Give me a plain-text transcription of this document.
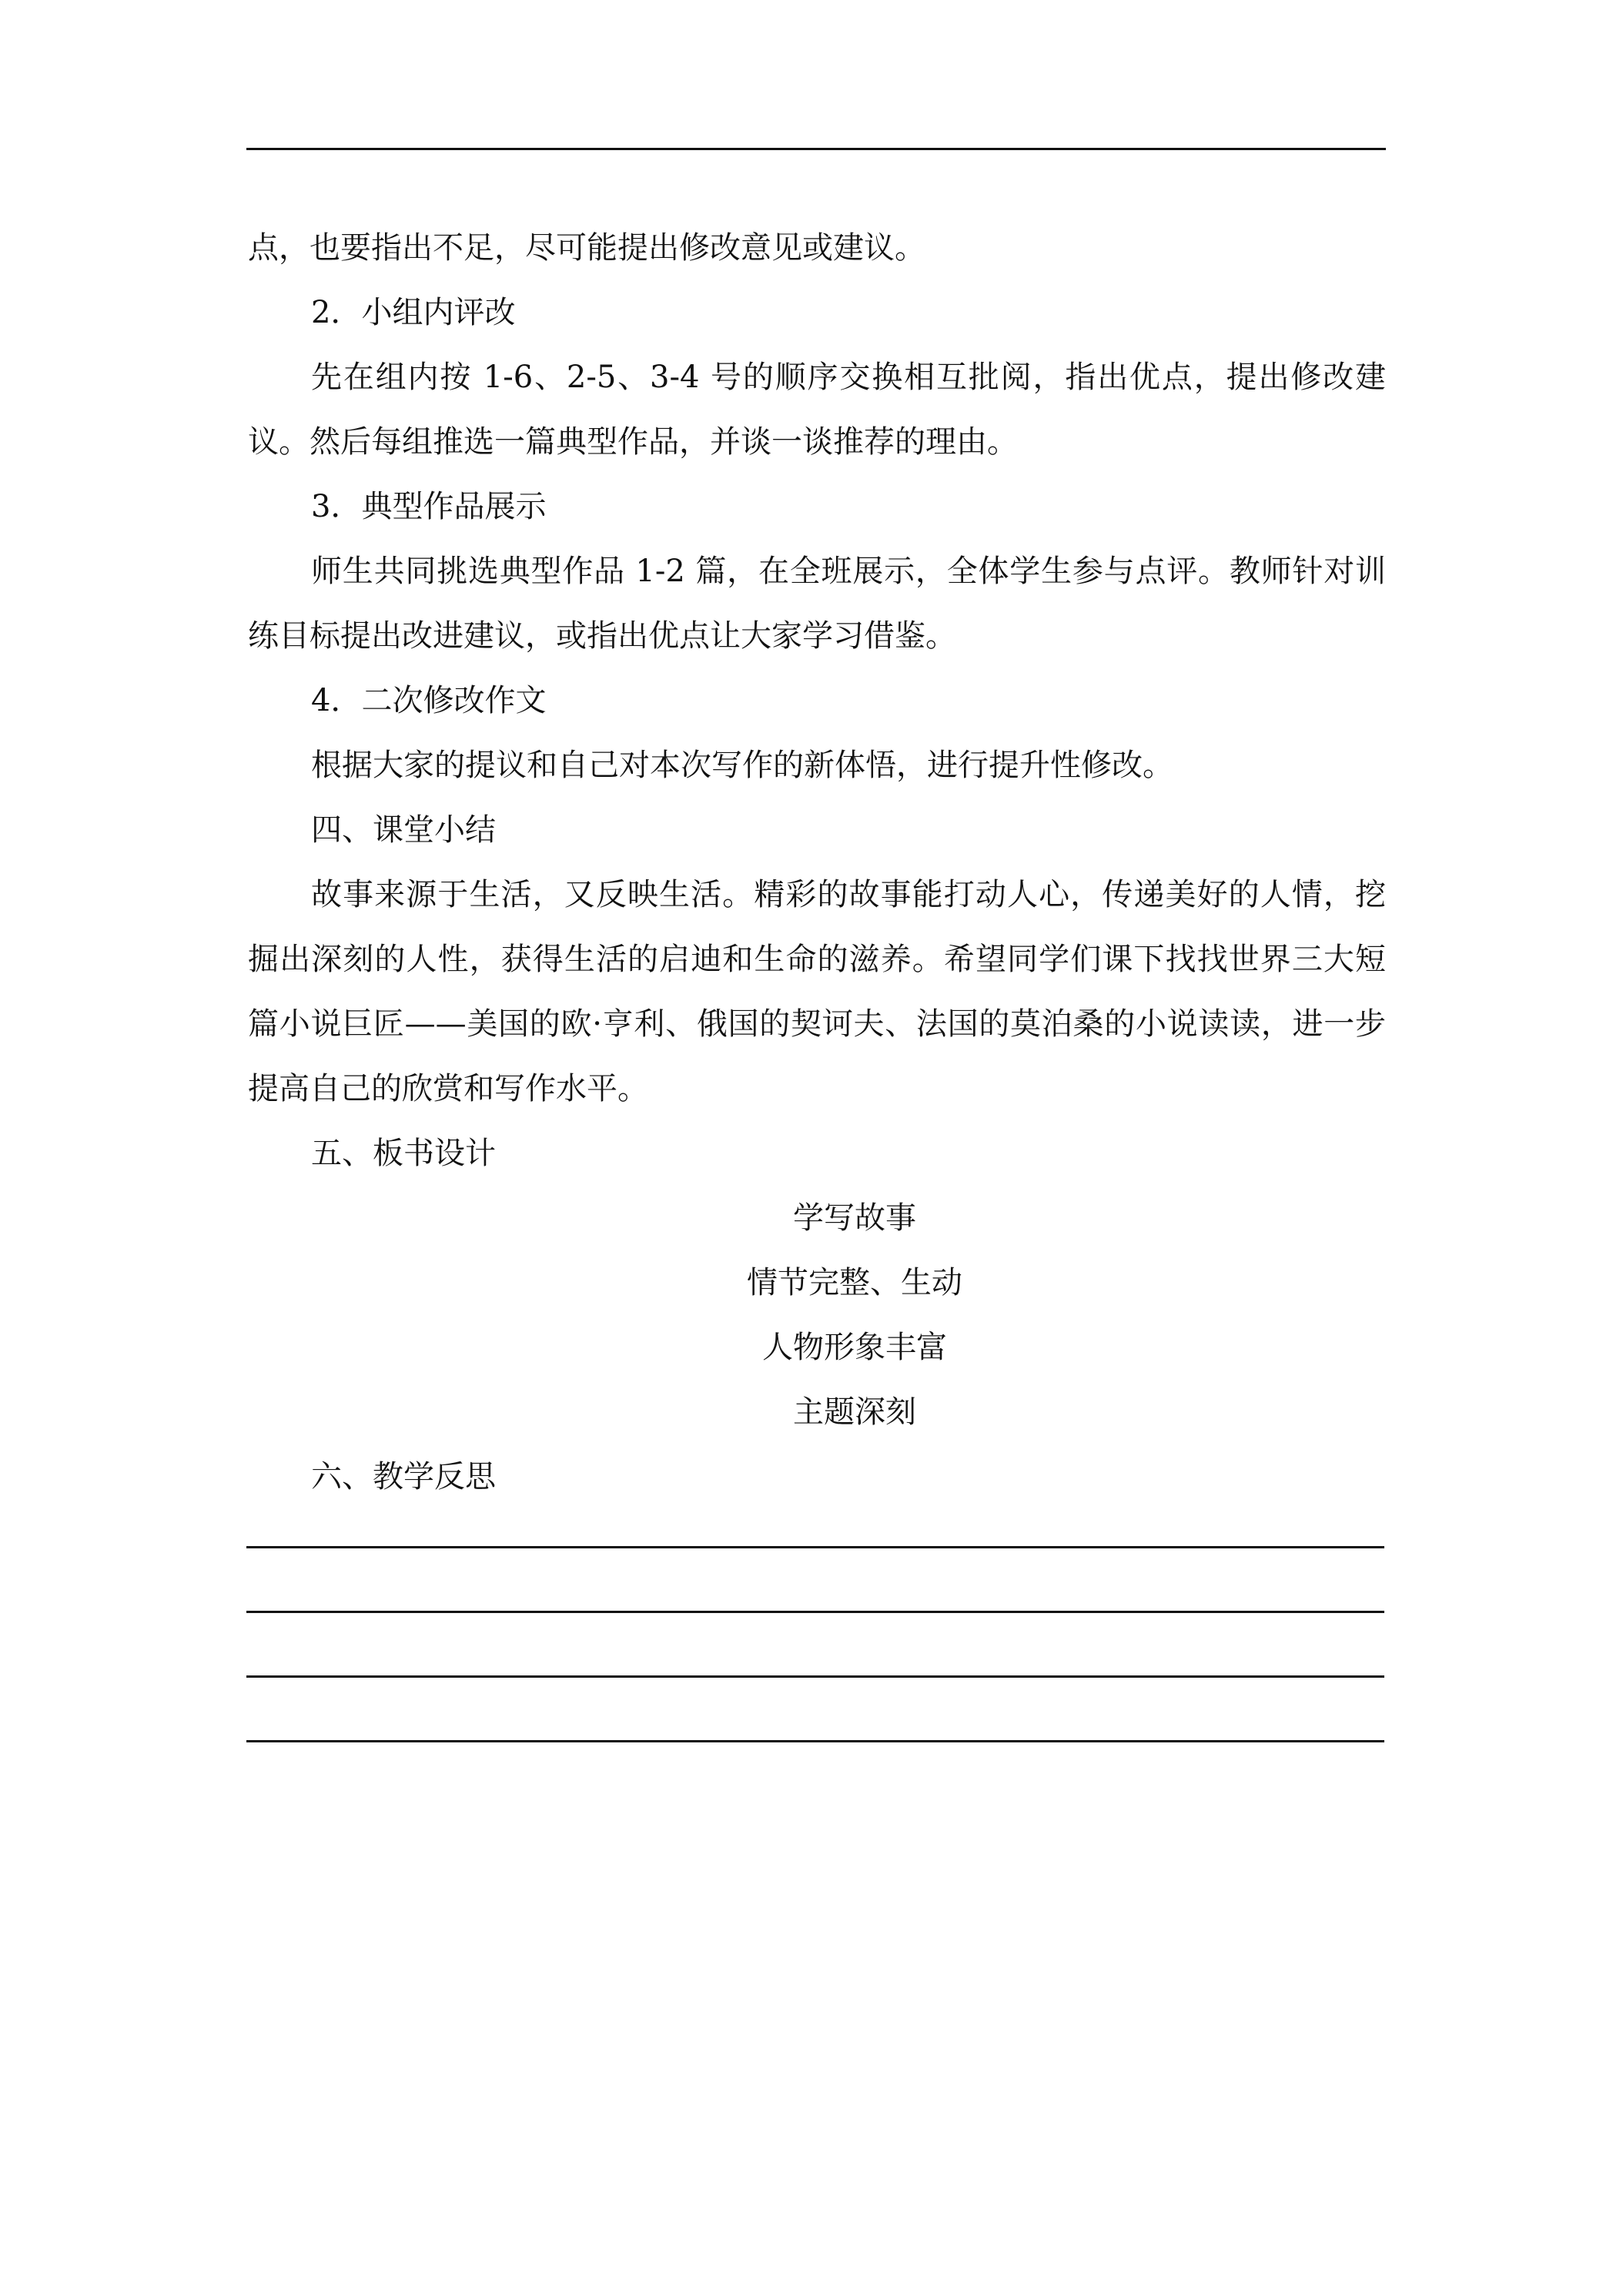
点，也要指出不足，尽可能提出修改意见或建议。

2．小组内评改

先在组内按 1-6、2-5、3-4 号的顺序交换相互批阅，指出优点，提出修改建议。然后每组推选一篇典型作品，并谈一谈推荐的理由。

3．典型作品展示

师生共同挑选典型作品 1-2 篇，在全班展示，全体学生参与点评。教师针对训练目标提出改进建议，或指出优点让大家学习借鉴。

4．二次修改作文

根据大家的提议和自己对本次写作的新体悟，进行提升性修改。

四、课堂小结

故事来源于生活，又反映生活。精彩的故事能打动人心，传递美好的人情，挖掘出深刻的人性，获得生活的启迪和生命的滋养。希望同学们课下找找世界三大短篇小说巨匠——美国的欧·亨利、俄国的契诃夫、法国的莫泊桑的小说读读，进一步提高自己的欣赏和写作水平。

五、板书设计

学写故事

情节完整、生动

人物形象丰富

主题深刻

六、教学反思
